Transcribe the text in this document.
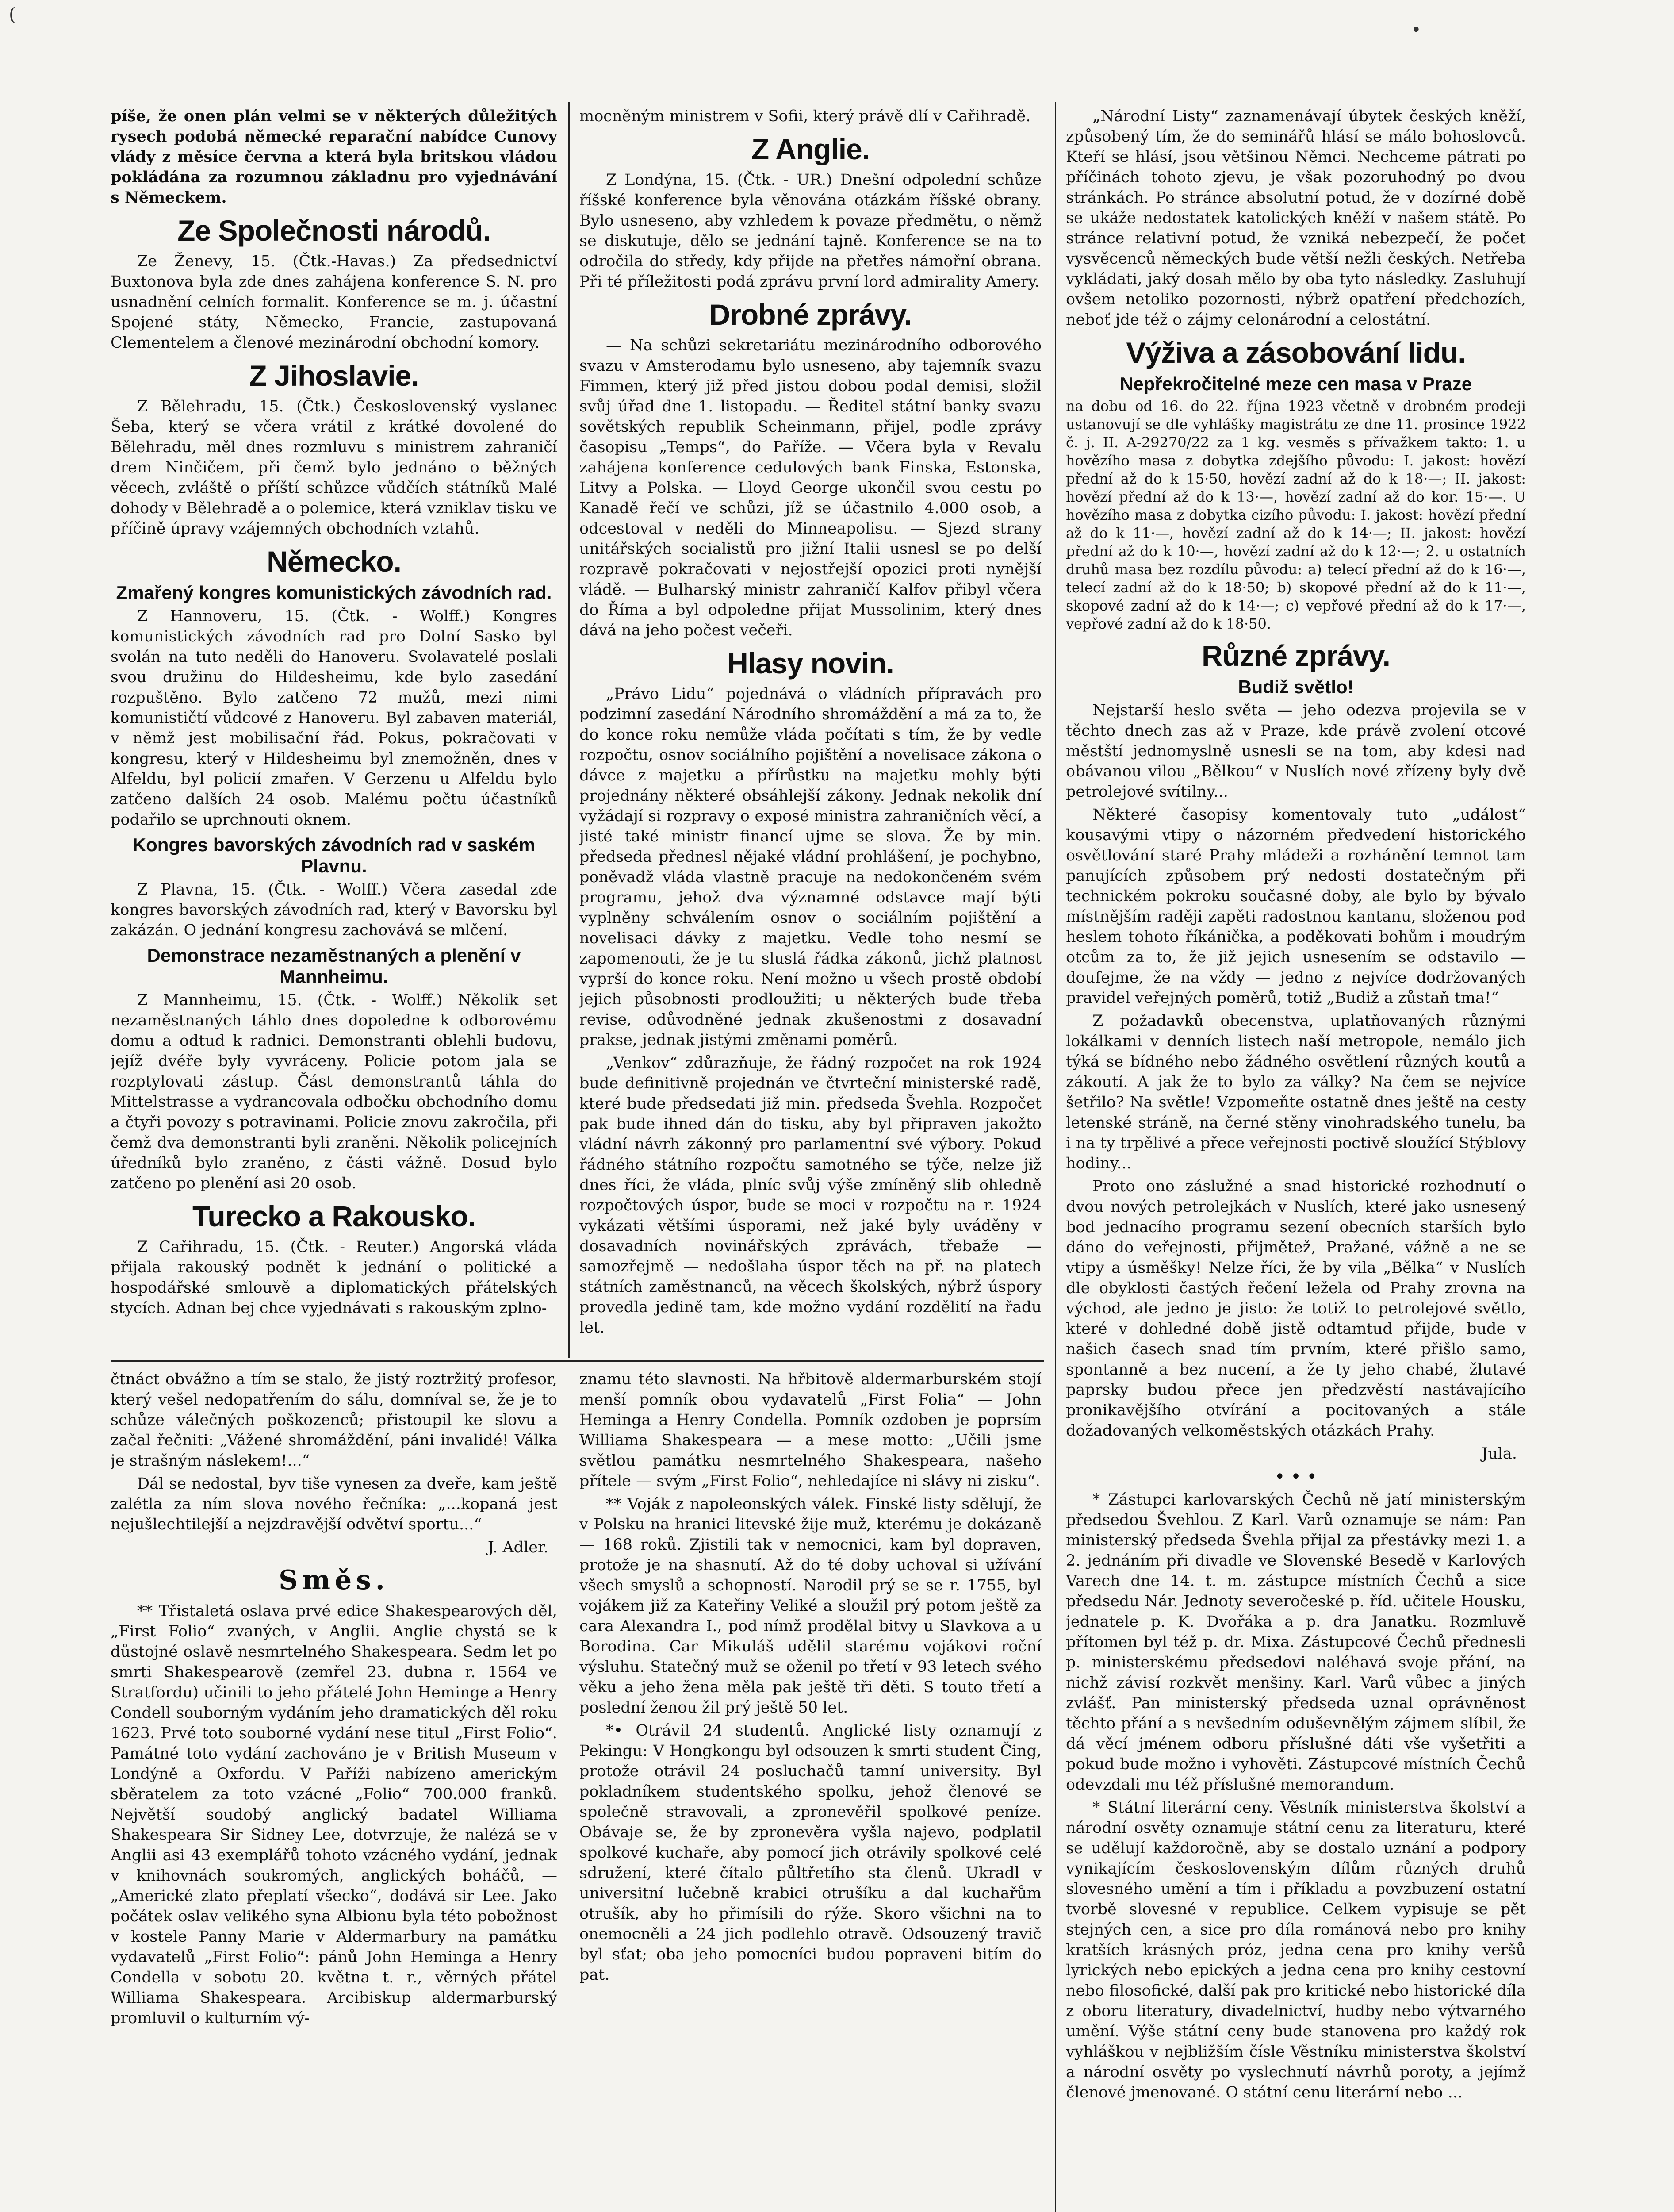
(
•

píše, že onen plán velmi se v některých důležitých rysech podobá německé reparační nabídce Cunovy vlády z měsíce června a která byla britskou vládou pokládána za rozumnou základnu pro vyjednávání s Německem.

Ze Společnosti národů.

Ze Ženevy, 15. (Čtk.-Havas.) Za předsednictví Buxtonova byla zde dnes zahájena konference S. N. pro usnadnění celních formalit. Konference se m. j. účastní Spojené státy, Německo, Francie, zastupovaná Clementelem a členové mezinárodní obchodní komory.

Z Jihoslavie.

Z Bělehradu, 15. (Čtk.) Československý vyslanec Šeba, který se včera vrátil z krátké dovolené do Bělehradu, měl dnes rozmluvu s ministrem zahraničí drem Ninčičem, při čemž bylo jednáno o běžných věcech, zvláště o příští schůzce vůdčích státníků Malé dohody v Bělehradě a o polemice, která vzniklav tisku ve příčině úpravy vzájemných obchodních vztahů.

Německo.
Zmařený kongres komunistických závodních rad.

Z Hannoveru, 15. (Čtk. - Wolff.) Kongres komunistických závodních rad pro Dolní Sasko byl svolán na tuto neděli do Hanoveru. Svolavatelé poslali svou družinu do Hildesheimu, kde bylo zasedání rozpuštěno. Bylo zatčeno 72 mužů, mezi nimi komunističtí vůdcové z Hanoveru. Byl zabaven materiál, v němž jest mobilisační řád. Pokus, pokračovati v kongresu, který v Hildesheimu byl znemožněn, dnes v Alfeldu, byl policií zmařen. V Gerzenu u Alfeldu bylo zatčeno dalších 24 osob. Malému počtu účastníků podařilo se uprchnouti oknem.

Kongres bavorských závodních rad v saském Plavnu.

Z Plavna, 15. (Čtk. - Wolff.) Včera zasedal zde kongres bavorských závodních rad, který v Bavorsku byl zakázán. O jednání kongresu zachovává se mlčení.

Demonstrace nezaměstnaných a plenění v Mannheimu.

Z Mannheimu, 15. (Čtk. - Wolff.) Několik set nezaměstnaných táhlo dnes dopoledne k odborovému domu a odtud k radnici. Demonstranti oblehli budovu, jejíž dvéře byly vyvráceny. Policie potom jala se rozptylovati zástup. Část demonstrantů táhla do Mittelstrasse a vydrancovala odbočku obchodního domu a čtyři povozy s potravinami. Policie znovu zakročila, při čemž dva demonstranti byli zraněni. Několik policejních úředníků bylo zraněno, z části vážně. Dosud bylo zatčeno po plenění asi 20 osob.

Turecko a Rakousko.

Z Cařihradu, 15. (Čtk. - Reuter.) Angorská vláda přijala rakouský podnět k jednání o politické a hospodářské smlouvě a diplomatických přátelských stycích. Adnan bej chce vyjednávati s rakouským zplno-

mocněným ministrem v Sofii, který právě dlí v Cařihradě.

Z Anglie.

Z Londýna, 15. (Čtk. - UR.) Dnešní odpolední schůze říšské konference byla věnována otázkám říšské obrany. Bylo usneseno, aby vzhledem k povaze předmětu, o němž se diskutuje, dělo se jednání tajně. Konference se na to odročila do středy, kdy přijde na přetřes námořní obrana. Při té příležitosti podá zprávu první lord admirality Amery.

Drobné zprávy.

— Na schůzi sekretariátu mezinárodního odborového svazu v Amsterodamu bylo usneseno, aby tajemník svazu Fimmen, který již před jistou dobou podal demisi, složil svůj úřad dne 1. listopadu. — Ředitel státní banky svazu sovětských republik Scheinmann, přijel, podle zprávy časopisu „Temps“, do Paříže. — Včera byla v Revalu zahájena konference cedulových bank Finska, Estonska, Litvy a Polska. — Lloyd George ukončil svou cestu po Kanadě řečí ve schůzi, jíž se účastnilo 4.000 osob, a odcestoval v neděli do Minneapolisu. — Sjezd strany unitářských socialistů pro jižní Italii usnesl se po delší rozpravě pokračovati v nejostřejší opozici proti nynější vládě. — Bulharský ministr zahraničí Kalfov přibyl včera do Říma a byl odpoledne přijat Mussolinim, který dnes dává na jeho počest večeři.

Hlasy novin.

„Právo Lidu“ pojednává o vládních přípravách pro podzimní zasedání Národního shromáždění a má za to, že do konce roku nemůže vláda počítati s tím, že by vedle rozpočtu, osnov sociálního pojištění a novelisace zákona o dávce z majetku a přírůstku na majetku mohly býti projednány některé obsáhlejší zákony. Jednak nekolik dní vyžádají si rozpravy o exposé ministra zahraničních věcí, a jisté také ministr financí ujme se slova. Že by min. předseda přednesl nějaké vládní prohlášení, je pochybno, poněvadž vláda vlastně pracuje na nedokončeném svém programu, jehož dva významné odstavce mají býti vyplněny schválením osnov o sociálním pojištění a novelisaci dávky z majetku. Vedle toho nesmí se zapomenouti, že je tu sluslá řádka zákonů, jichž platnost vyprší do konce roku. Není možno u všech prostě období jejich působnosti prodloužiti; u některých bude třeba revise, odůvodněné jednak zkušenostmi z dosavadní prakse, jednak jistými změnami poměrů.

„Venkov“ zdůrazňuje, že řádný rozpočet na rok 1924 bude definitivně projednán ve čtvrteční ministerské radě, které bude předsedati již min. předseda Švehla. Rozpočet pak bude ihned dán do tisku, aby byl připraven jakožto vládní návrh zákonný pro parlamentní své výbory. Pokud řádného státního rozpočtu samotného se týče, nelze již dnes říci, že vláda, plníc svůj výše zmíněný slib ohledně rozpočtových úspor, bude se moci v rozpočtu na r. 1924 vykázati většími úsporami, než jaké byly uváděny v dosavadních novinářských zprávách, třebaže — samozřejmě — nedošlaha úspor těch na př. na platech státních zaměstnanců, na věcech školských, nýbrž úspory provedla jedině tam, kde možno vydání rozdělití na řadu let.

„Národní Listy“ zaznamenávají úbytek českých kněží, způsobený tím, že do seminářů hlásí se málo bohoslovců. Kteří se hlásí, jsou většinou Němci. Nechceme pátrati po příčinách tohoto zjevu, je však pozoruhodný po dvou stránkách. Po stránce absolutní potud, že v dozírné době se ukáže nedostatek katolických kněží v našem státě. Po stránce relativní potud, že vzniká nebezpečí, že počet vysvěcenců německých bude větší nežli českých. Netřeba vykládati, jaký dosah mělo by oba tyto následky. Zasluhují ovšem netoliko pozornosti, nýbrž opatření předchozích, neboť jde též o zájmy celonárodní a celostátní.

Výživa a zásobování lidu.
Nepřekročitelné meze cen masa v Praze

na dobu od 16. do 22. října 1923 včetně v drobném prodeji ustanovují se dle vyhlášky magistrátu ze dne 11. prosince 1922 č. j. II. A-29270/22 za 1 kg. vesměs s přívažkem takto: 1. u hovězího masa z dobytka zdejšího původu: I. jakost: hovězí přední až do k 15·50, hovězí zadní až do k 18·—; II. jakost: hovězí přední až do k 13·—, hovězí zadní až do kor. 15·—. U hovězího masa z dobytka cizího původu: I. jakost: hovězí přední až do k 11·—, hovězí zadní až do k 14·—; II. jakost: hovězí přední až do k 10·—, hovězí zadní až do k 12·—; 2. u ostatních druhů masa bez rozdílu původu: a) telecí přední až do k 16·—, telecí zadní až do k 18·50; b) skopové přední až do k 11·—, skopové zadní až do k 14·—; c) vepřové přední až do k 17·—, vepřové zadní až do k 18·50.

Různé zprávy.
Budiž světlo!

Nejstarší heslo světa — jeho odezva projevila se v těchto dnech zas až v Praze, kde právě zvolení otcové městští jednomyslně usnesli se na tom, aby kdesi nad obávanou vilou „Bělkou“ v Nuslích nové zřízeny byly dvě petrolejové svítilny...

Některé časopisy komentovaly tuto „událost“ kousavými vtipy o názorném předvedení historického osvětlování staré Prahy mládeži a rozhánění temnot tam panujících způsobem prý nedosti dostatečným při technickém pokroku současné doby, ale bylo by bývalo místnějším raději zapěti radostnou kantanu, složenou pod heslem tohoto říkánička, a poděkovati bohům i moudrým otcům za to, že již jejich usnesením se odstavilo — doufejme, že na vždy — jedno z nejvíce dodržovaných pravidel veřejných poměrů, totiž „Budiž a zůstaň tma!“

Z požadavků obecenstva, uplatňovaných různými lokálkami v denních listech naší metropole, nemálo jich týká se bídného nebo žádného osvětlení různých koutů a zákoutí. A jak že to bylo za války? Na čem se nejvíce šetřilo? Na světle! Vzpomeňte ostatně dnes ještě na cesty letenské stráně, na černé stěny vinohradského tunelu, ba i na ty trpělivé a přece veřejnosti poctivě sloužící Stýblovy hodiny...

Proto ono záslužné a snad historické rozhodnutí o dvou nových petrolejkách v Nuslích, které jako usnesený bod jednacího programu sezení obecních starších bylo dáno do veřejnosti, přijmětež, Pražané, vážně a ne se vtipy a úsměšky! Nelze říci, že by vila „Bělka“ v Nuslích dle obyklosti častých řečení ležela od Prahy zrovna na východ, ale jedno je jisto: že totiž to petrolejové světlo, které v dohledné době jistě odtamtud přijde, bude v našich časech snad tím prvním, které přišlo samo, spontanně a bez nucení, a že ty jeho chabé, žlutavé paprsky budou přece jen předzvěstí nastávajícího pronikavějšího otvírání a pocitovaných a stále dožadovaných velkoměstských otázkách Prahy.

Jula.
• • •

* Zástupci karlovarských Čechů ně jatí ministerským předsedou Švehlou. Z Karl. Varů oznamuje se nám: Pan ministerský předseda Švehla přijal za přestávky mezi 1. a 2. jednáním při divadle ve Slovenské Besedě v Karlových Varech dne 14. t. m. zástupce místních Čechů a sice předsedu Nár. Jednoty severočeské p. říd. učitele Housku, jednatele p. K. Dvořáka a p. dra Janatku. Rozmluvě přítomen byl též p. dr. Mixa. Zástupcové Čechů přednesli p. ministerskému předsedovi naléhavá svoje přání, na nichž závisí rozkvět menšiny. Karl. Varů vůbec a jiných zvlášť. Pan ministerský předseda uznal oprávněnost těchto přání a s nevšedním oduševnělým zájmem slíbil, že dá věcí jménem odboru příslušné dáti vše vyšetřiti a pokud bude možno i vyhověti. Zástupcové místních Čechů odevzdali mu též příslušné memorandum.

* Státní literární ceny. Věstník ministerstva školství a národní osvěty oznamuje státní cenu za literaturu, které se udělují každoročně, aby se dostalo uznání a podpory vynikajícím československým dílům různých druhů slovesného umění a tím i příkladu a povzbuzení ostatní tvorbě slovesné v republice. Celkem vypisuje se pět stejných cen, a sice pro díla románová nebo pro knihy kratších krásných próz, jedna cena pro knihy veršů lyrických nebo epických a jedna cena pro knihy cestovní nebo filosofické, další pak pro kritické nebo historické díla z oboru literatury, divadelnictví, hudby nebo výtvarného umění. Výše státní ceny bude stanovena pro každý rok vyhláškou v nejbližším čísle Věstníku ministerstva školství a národní osvěty po vyslechnutí návrhů poroty, a jejímž členové jmenované. O státní cenu literární nebo ...

čtnáct obvážno a tím se stalo, že jistý roztržitý profesor, který vešel nedopatřením do sálu, domníval se, že je to schůze válečných poškozenců; přistoupil ke slovu a začal řečniti: „Vážené shromáždění, páni invalidé! Válka je strašným náslekem!...“

Dál se nedostal, byv tiše vynesen za dveře, kam ještě zalétla za ním slova nového řečníka: „...kopaná jest nejušlechtilejší a nejzdravější odvětví sportu...“

J. Adler.
Směs.

** Třistaletá oslava prvé edice Shakespearových děl, „First Folio“ zvaných, v Anglii. Anglie chystá se k důstojné oslavě nesmrtelného Shakespeara. Sedm let po smrti Shakespearově (zemřel 23. dubna r. 1564 ve Stratfordu) učinili to jeho přátelé John Heminge a Henry Condell souborným vydáním jeho dramatických děl roku 1623. Prvé toto souborné vydání nese titul „First Folio“. Památné toto vydání zachováno je v British Museum v Londýně a Oxfordu. V Paříži nabízeno americkým sběratelem za toto vzácné „Folio“ 700.000 franků. Největší soudobý anglický badatel Williama Shakespeara Sir Sidney Lee, dotvrzuje, že nalézá se v Anglii asi 43 exemplářů tohoto vzácného vydání, jednak v knihovnách soukromých, anglických boháčů, — „Americké zlato přeplatí všecko“, dodává sir Lee. Jako počátek oslav velikého syna Albionu byla této pobožnost v kostele Panny Marie v Aldermarbury na památku vydavatelů „First Folio“: pánů John Heminga a Henry Condella v sobotu 20. května t. r., věrných přátel Williama Shakespeara. Arcibiskup aldermarburský promluvil o kulturním vý-

znamu této slavnosti. Na hřbitově aldermarburském stojí menší pomník obou vydavatelů „First Folia“ — John Heminga a Henry Condella. Pomník ozdoben je poprsím Williama Shakespeara — a mese motto: „Učili jsme světlou památku nesmrtelného Shakespeara, našeho přítele — svým „First Folio“, nehledajíce ni slávy ni zisku“.

** Voják z napoleonských válek. Finské listy sdělují, že v Polsku na hranici litevské žije muž, kterému je dokázaně — 168 roků. Zjistili tak v nemocnici, kam byl dopraven, protože je na shasnutí. Až do té doby uchoval si užívání všech smyslů a schopností. Narodil prý se se r. 1755, byl vojákem již za Kateřiny Veliké a sloužil prý potom ještě za cara Alexandra I., pod nímž prodělal bitvy u Slavkova a u Borodina. Car Mikuláš udělil starému vojákovi roční výsluhu. Statečný muž se oženil po třetí v 93 letech svého věku a jeho žena měla pak ještě tři děti. S touto třetí a poslední ženou žil prý ještě 50 let.

*• Otrávil 24 studentů. Anglické listy oznamují z Pekingu: V Hongkongu byl odsouzen k smrti student Čing, protože otrávil 24 posluchačů tamní university. Byl pokladníkem studentského spolku, jehož členové se společně stravovali, a zpronevěřil spolkové peníze. Obávaje se, že by zpronevěra vyšla najevo, podplatil spolkové kuchaře, aby pomocí jich otrávily spolkové celé sdružení, které čítalo půltřetího sta členů. Ukradl v universitní lučebně krabici otrušíku a dal kuchařům otrušík, aby ho přimísili do rýže. Skoro všichni na to onemocněli a 24 jich podlehlo otravě. Odsouzený travič byl sťat; oba jeho pomocníci budou popraveni bitím do pat.
